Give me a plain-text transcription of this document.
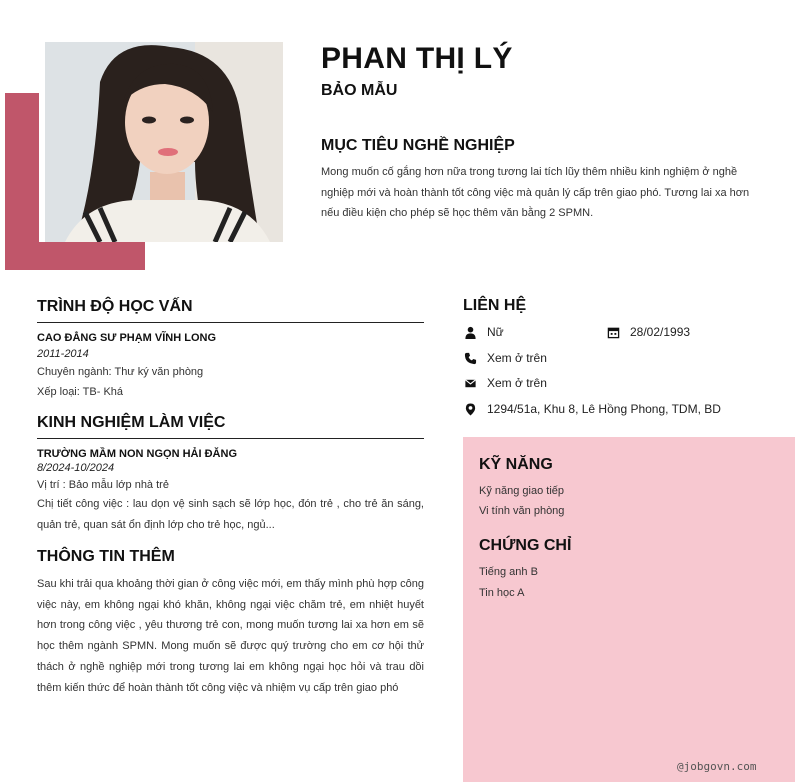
PHAN THỊ LÝ
BẢO MẪU
MỤC TIÊU NGHỀ NGHIỆP
Mong muốn cố gắng hơn nữa trong tương lai tích lũy thêm nhiều kinh nghiệm ở nghề
nghiệp mới và hoàn thành tốt công việc mà quản lý cấp trên giao phó. Tương lai xa hơn
nếu điều kiện cho phép sẽ học thêm văn bằng 2 SPMN.
TRÌNH ĐỘ HỌC VẤN
CAO ĐẲNG SƯ PHẠM VĨNH LONG
2011-2014
Chuyên ngành: Thư ký văn phòng
Xếp loại: TB- Khá
KINH NGHIỆM LÀM VIỆC
TRƯỜNG MẦM NON NGỌN HẢI ĐĂNG
8/2024-10/2024
Vị trí : Bảo mẫu lớp nhà trẻ
Chị tiết công việc : lau dọn vệ sinh sạch sẽ lớp học, đón trẻ , cho trẻ ăn sáng, quản trẻ, quan sát ổn định lớp cho trẻ học, ngủ...
THÔNG TIN THÊM
Sau khi trải qua khoảng thời gian ở công việc mới, em thấy mình phù hợp công việc này, em không ngại khó khăn, không ngại việc chăm trẻ, em nhiệt huyết hơn trong công việc , yêu thương trẻ con, mong muốn tương lai xa hơn em sẽ học thêm ngành SPMN. Mong muốn sẽ được quý trường cho em cơ hội thử thách ở nghề nghiệp mới trong tương lai em không ngại học hỏi và trau dồi thêm kiến thức để hoàn thành tốt công việc và nhiệm vụ cấp trên giao phó
LIÊN HỆ
Nữ	28/02/1993
Xem ở trên
Xem ở trên
1294/51a, Khu 8, Lê Hồng Phong, TDM, BD
KỸ NĂNG
Kỹ năng giao tiếp
Vi tính văn phòng
CHỨNG CHỈ
Tiếng anh B
Tin học A
@jobgovn.com
